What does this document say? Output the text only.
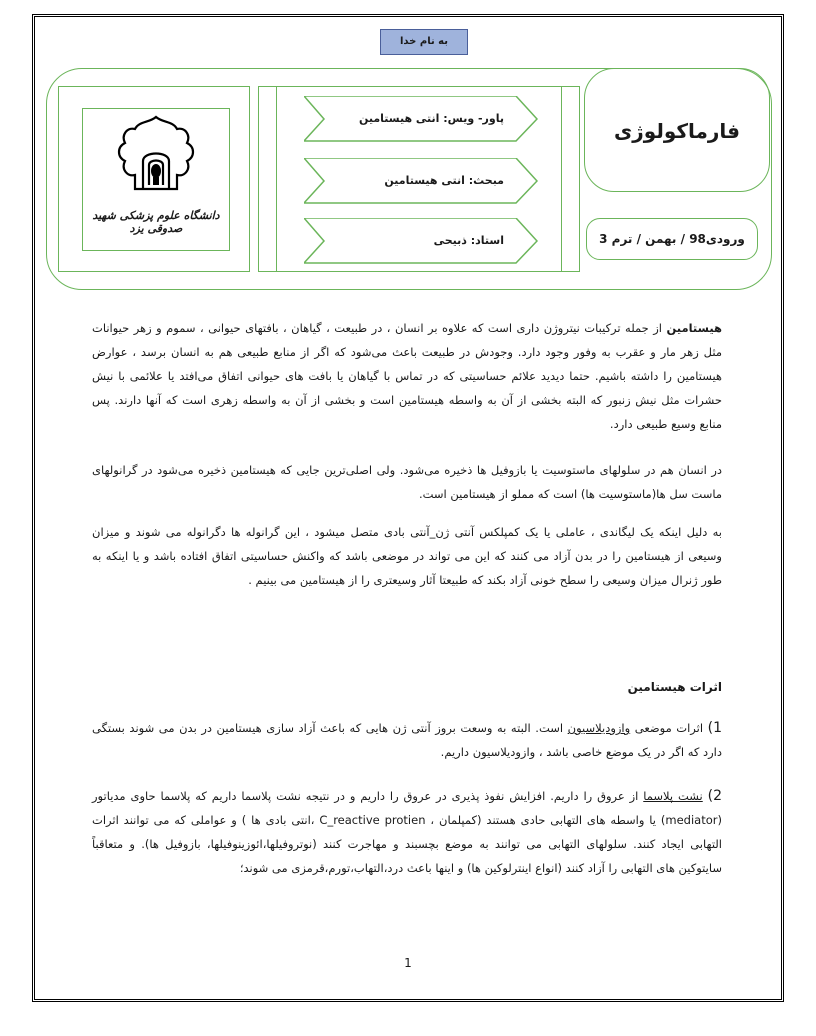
به نام خدا
دانشگاه علوم پزشکی شهید صدوقی یزد
پاور- ویس: انتی هیستامین
مبحث: انتی هیستامین
استاد: ذبیحی
فارماکولوژی
ورودی98 / بهمن / ترم 3

هیستامین از جمله ترکیبات نیتروژن داری است که علاوه بر انسان ، در طبیعت ، گیاهان ، بافتهای حیوانی ، سموم و زهر حیوانات مثل زهر مار و عقرب به وفور وجود دارد. وجودش در طبیعت باعث می‌شود که اگر از منابع طبیعی هم به انسان برسد ، عوارض هیستامین را داشته باشیم. حتما دیدید علائم حساسیتی که در تماس با گیاهان یا بافت های حیوانی اتفاق می‌افتد یا علائمی با نیش حشرات مثل نیش زنبور که البته بخشی از آن به واسطه هیستامین است و بخشی از آن به واسطه زهری است که آنها دارند. پس منابع وسیع طبیعی دارد.

در انسان هم در سلولهای ماستوسیت یا بازوفیل ها ذخیره می‌شود. ولی اصلی‌ترین جایی که هیستامین ذخیره می‌شود در گرانولهای ماست سل ها(ماستوسیت ها) است که مملو از هیستامین است.

به دلیل اینکه یک لیگاندی ، عاملی یا یک کمپلکس آنتی ژن_آنتی بادی متصل میشود ، این گرانوله ها دگرانوله می شوند و میزان وسیعی از هیستامین را در بدن آزاد می کنند که این می تواند در موضعی باشد که واکنش حساسیتی اتفاق افتاده باشد و یا اینکه به طور ژنرال میزان وسیعی را سطح خونی آزاد بکند که طبیعتا آثار وسیعتری را از هیستامین می بینیم .

اثرات هیستامین
1) اثرات موضعی وازودیلاسیون است. البته به وسعت بروز آنتی ژن هایی که باعث آزاد سازی هیستامین در بدن می شوند بستگی دارد که اگر در یک موضع خاصی باشد ، وازودیلاسیون داریم.
2) نشت پلاسما از عروق را داریم. افزایش نفوذ پذیری در عروق را داریم و در نتیجه نشت پلاسما داریم که پلاسما حاوی مدیاتور (mediator) یا واسطه های التهابی حادی هستند (کمپلمان ، C_reactive protien ،انتی بادی ها ) و عواملی که می توانند اثرات التهابی ایجاد کنند. سلولهای التهابی می توانند به موضع بچسبند و مهاجرت کنند (نوتروفیلها،ائوزینوفیلها، بازوفیل ها). و متعاقباً سایتوکین های التهابی را آزاد کنند (انواع اینترلوکین ها) و اینها باعث درد،التهاب،تورم،قرمزی می شوند؛
1
